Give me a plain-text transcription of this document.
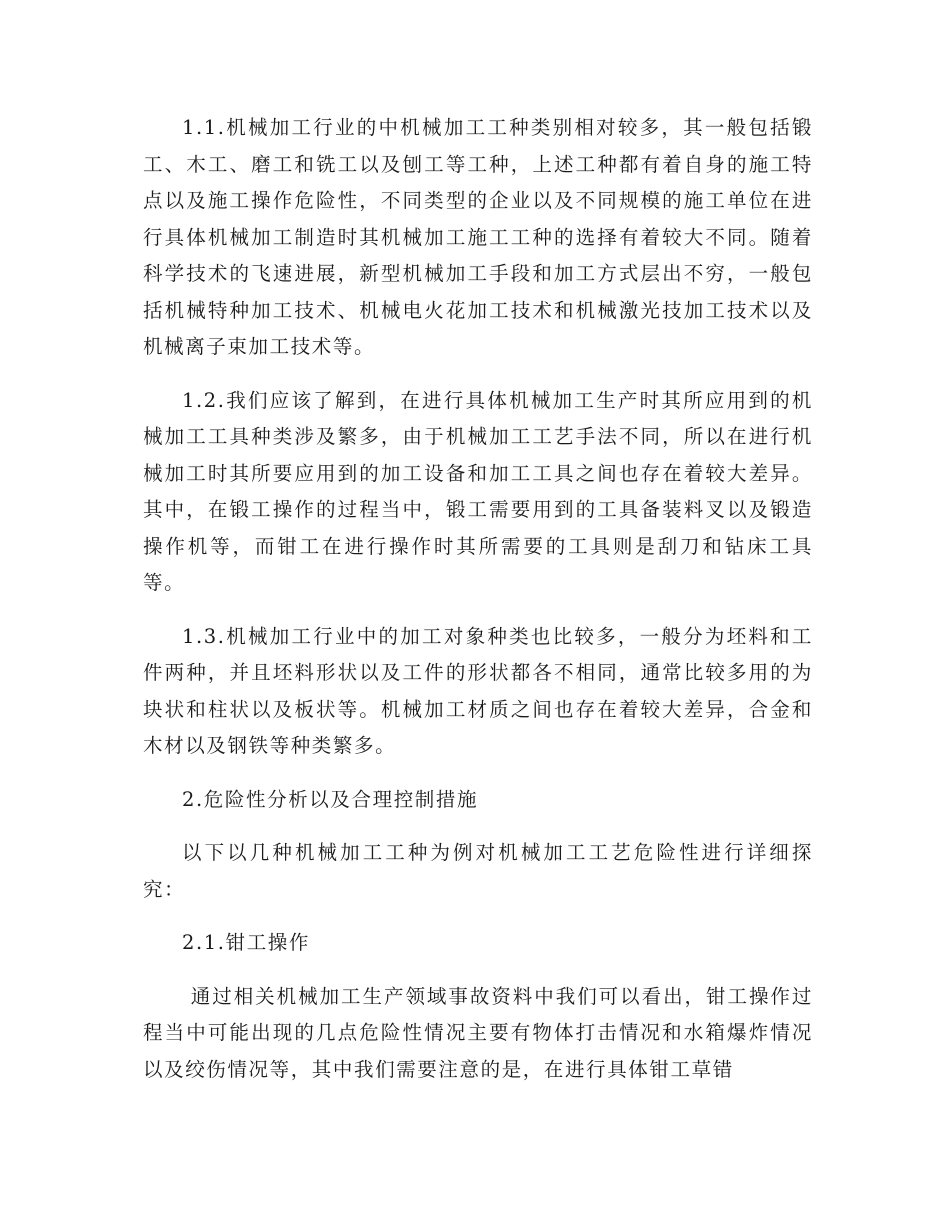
1.1.机械加工行业的中机械加工工种类别相对较多，其一般包括锻工、木工、磨工和铣工以及刨工等工种，上述工种都有着自身的施工特点以及施工操作危险性，不同类型的企业以及不同规模的施工单位在进行具体机械加工制造时其机械加工施工工种的选择有着较大不同。随着科学技术的飞速进展，新型机械加工手段和加工方式层出不穷，一般包括机械特种加工技术、机械电火花加工技术和机械激光技加工技术以及机械离子束加工技术等。

1.2.我们应该了解到，在进行具体机械加工生产时其所应用到的机械加工工具种类涉及繁多，由于机械加工工艺手法不同，所以在进行机械加工时其所要应用到的加工设备和加工工具之间也存在着较大差异。其中，在锻工操作的过程当中，锻工需要用到的工具备装料叉以及锻造操作机等，而钳工在进行操作时其所需要的工具则是刮刀和钻床工具等。

1.3.机械加工行业中的加工对象种类也比较多，一般分为坯料和工件两种，并且坯料形状以及工件的形状都各不相同，通常比较多用的为块状和柱状以及板状等。机械加工材质之间也存在着较大差异，合金和木材以及钢铁等种类繁多。

2.危险性分析以及合理控制措施

以下以几种机械加工工种为例对机械加工工艺危险性进行详细探究：

2.1.钳工操作

通过相关机械加工生产领域事故资料中我们可以看出，钳工操作过程当中可能出现的几点危险性情况主要有物体打击情况和水箱爆炸情况以及绞伤情况等，其中我们需要注意的是，在进行具体钳工草错
